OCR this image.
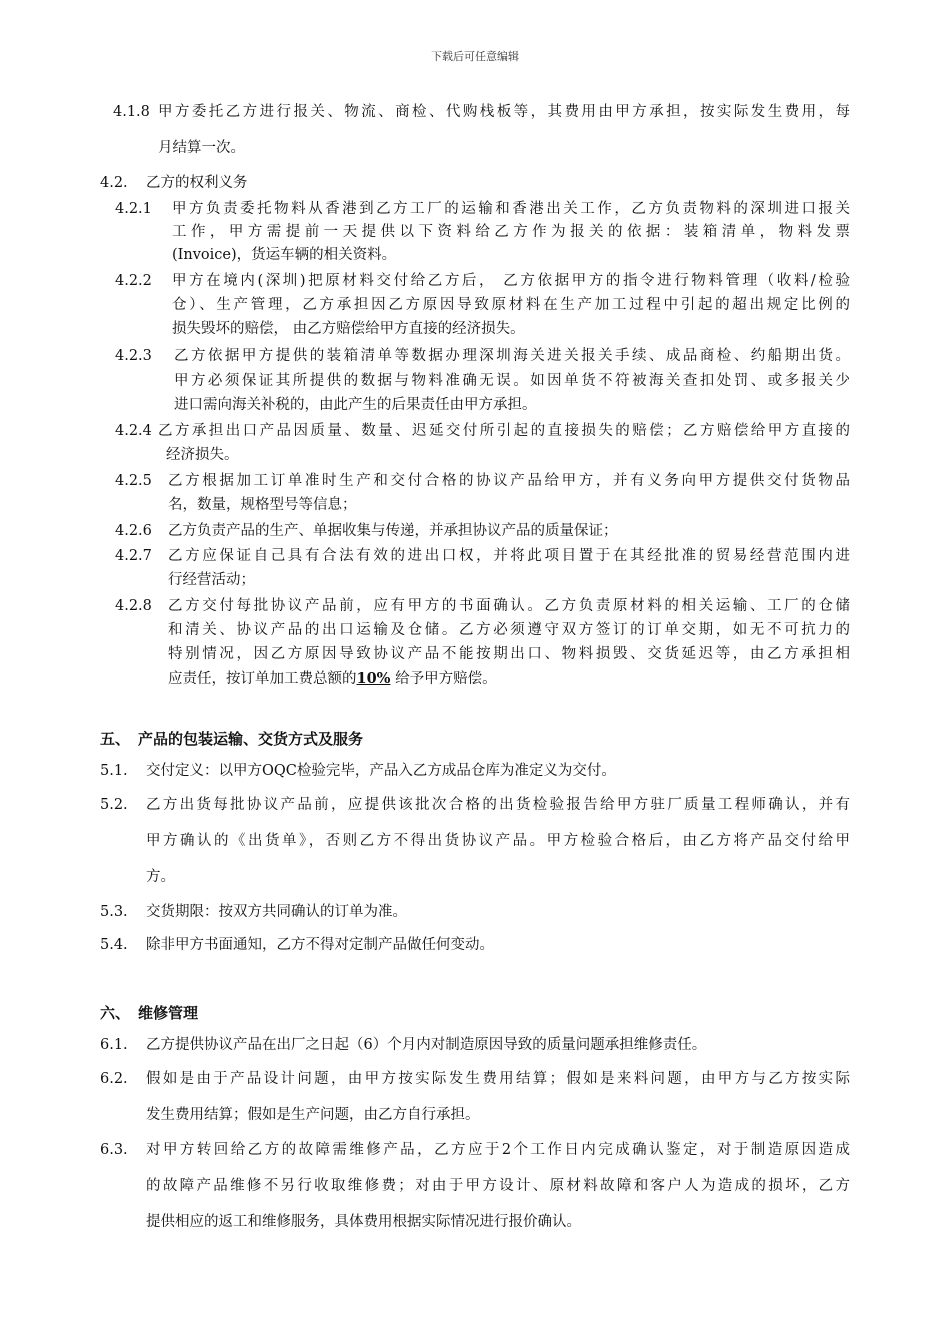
下载后可任意编辑
4.1.8 甲方委托乙方进行报关、物流、商检、代购栈板等，其费用由甲方承担，按实际发生费用，每
月结算一次。
4.2. 乙方的权利义务
4.2.1 甲方负责委托物料从香港到乙方工厂的运输和香港出关工作，乙方负责物料的深圳进口报关
工作，甲方需提前一天提供以下资料给乙方作为报关的依据：装箱清单，物料发票
(Invoice)，货运车辆的相关资料。
4.2.2 甲方在境内(深圳)把原材料交付给乙方后， 乙方依据甲方的指令进行物料管理（收料/检验
仓）、生产管理，乙方承担因乙方原因导致原材料在生产加工过程中引起的超出规定比例的
损失毁坏的赔偿， 由乙方赔偿给甲方直接的经济损失。
4.2.3 乙方依据甲方提供的装箱清单等数据办理深圳海关进关报关手续、成品商检、约船期出货。
甲方必须保证其所提供的数据与物料准确无误。如因单货不符被海关查扣处罚、或多报关少
进口需向海关补税的，由此产生的后果责任由甲方承担。
4.2.4 乙方承担出口产品因质量、数量、迟延交付所引起的直接损失的赔偿；乙方赔偿给甲方直接的
经济损失。
4.2.5 乙方根据加工订单准时生产和交付合格的协议产品给甲方，并有义务向甲方提供交付货物品
名，数量，规格型号等信息；
4.2.6 乙方负责产品的生产、单据收集与传递，并承担协议产品的质量保证；
4.2.7 乙方应保证自己具有合法有效的进出口权，并将此项目置于在其经批准的贸易经营范围内进
行经营活动；
4.2.8 乙方交付每批协议产品前，应有甲方的书面确认。乙方负责原材料的相关运输、工厂的仓储
和清关、协议产品的出口运输及仓储。乙方必须遵守双方签订的订单交期，如无不可抗力的
特别情况，因乙方原因导致协议产品不能按期出口、物料损毁、交货延迟等，由乙方承担相
应责任，按订单加工费总额的10% 给予甲方赔偿。
五、 产品的包装运输、交货方式及服务
5.1. 交付定义：以甲方OQC检验完毕，产品入乙方成品仓库为准定义为交付。
5.2. 乙方出货每批协议产品前，应提供该批次合格的出货检验报告给甲方驻厂质量工程师确认，并有
甲方确认的《出货单》，否则乙方不得出货协议产品。甲方检验合格后，由乙方将产品交付给甲
方。
5.3. 交货期限：按双方共同确认的订单为准。
5.4. 除非甲方书面通知，乙方不得对定制产品做任何变动。
六、 维修管理
6.1. 乙方提供协议产品在出厂之日起（6）个月内对制造原因导致的质量问题承担维修责任。
6.2. 假如是由于产品设计问题，由甲方按实际发生费用结算；假如是来料问题，由甲方与乙方按实际
发生费用结算；假如是生产问题，由乙方自行承担。
6.3. 对甲方转回给乙方的故障需维修产品，乙方应于2个工作日内完成确认鉴定，对于制造原因造成
的故障产品维修不另行收取维修费；对由于甲方设计、原材料故障和客户人为造成的损坏，乙方
提供相应的返工和维修服务，具体费用根据实际情况进行报价确认。
